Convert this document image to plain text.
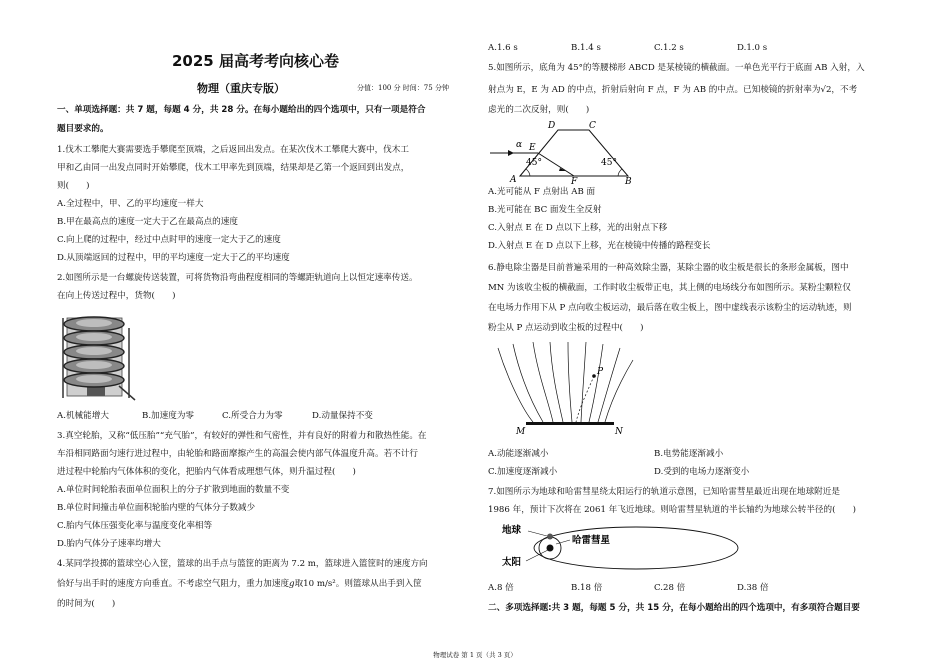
2025 届高考考向核心卷
物理（重庆专版）	分值：100 分 时间：75 分钟
一、单项选择题：共 7 题，每题 4 分，共 28 分。在每小题给出的四个选项中，只有一项是符合
题目要求的。
1.伐木工攀爬大赛需要选手攀爬至顶端，之后返回出发点。在某次伐木工攀爬大赛中，伐木工
甲和乙由同一出发点同时开始攀爬，伐木工甲率先到顶端，结果却是乙第一个返回到出发点，
则(　　)
A.全过程中，甲、乙的平均速度一样大
B.甲在最高点的速度一定大于乙在最高点的速度
C.向上爬的过程中，经过中点时甲的速度一定大于乙的速度
D.从顶端返回的过程中，甲的平均速度一定大于乙的平均速度
2.如图所示是一台螺旋传送装置，可将货物沿弯曲程度相同的等螺距轨道向上以恒定速率传送。
在向上传送过程中，货物(　　)
A.机械能增大	B.加速度为零	C.所受合力为零	D.动量保持不变
3.真空轮胎，又称“低压胎”“充气胎”，有较好的弹性和气密性，并有良好的附着力和散热性能。在
车沿相同路面匀速行进过程中，由轮胎和路面摩擦产生的高温会使内部气体温度升高。若不计行
进过程中轮胎内气体体积的变化，把胎内气体看成理想气体，则升温过程(　　)
A.单位时间轮胎表面单位面积上的分子扩散到地面的数量不变
B.单位时间撞击单位面积轮胎内壁的气体分子数减少
C.胎内气体压强变化率与温度变化率相等
D.胎内气体分子速率均增大
4.某同学投掷的篮球空心入筐，篮球的出手点与篮筐的距离为 7.2 m，篮球进入篮筐时的速度方向
恰好与出手时的速度方向垂直。不考虑空气阻力，重力加速度g取10 m/s²。则篮球从出手到入筐
的时间为(　　)
A.1.6 s	B.1.4 s	C.1.2 s	D.1.0 s
5.如图所示，底角为 45°的等腰梯形 ABCD 是某棱镜的横截面。一单色光平行于底面 AB 入射，入
射点为 E，E 为 AD 的中点，折射后射向 F 点，F 为 AB 的中点。已知棱镜的折射率为√2，不考
虑光的二次反射，则(　　)
α E
45°	45°
D	C
A	F	B
A.光可能从 F 点射出 AB 面
B.光可能在 BC 面发生全反射
C.入射点 E 在 D 点以下上移，光的出射点下移
D.入射点 E 在 D 点以下上移，光在棱镜中传播的路程变长
6.静电除尘器是目前普遍采用的一种高效除尘器，某除尘器的收尘板是很长的条形金属板，图中
MN 为该收尘板的横截面，工作时收尘板带正电，其上侧的电场线分布如图所示。某粉尘颗粒仅
在电场力作用下从 P 点向收尘板运动，最后落在收尘板上，图中虚线表示该粉尘的运动轨迹，则
粉尘从 P 点运动到收尘板的过程中(　　)
P
M	N
A.动能逐渐减小	B.电势能逐渐减小
C.加速度逐渐减小	D.受到的电场力逐渐变小
7.如图所示为地球和哈雷彗星绕太阳运行的轨道示意图，已知哈雷彗星最近出现在地球附近是
1986 年，预计下次将在 2061 年飞近地球。则哈雷彗星轨道的半长轴约为地球公转半径的(　　)
地球
太阳
哈雷彗星
A.8 倍	B.18 倍	C.28 倍	D.38 倍
二、多项选择题:共 3 题，每题 5 分，共 15 分，在每小题给出的四个选项中，有多项符合题目要
物理试卷 第 1 页（共 3 页）
